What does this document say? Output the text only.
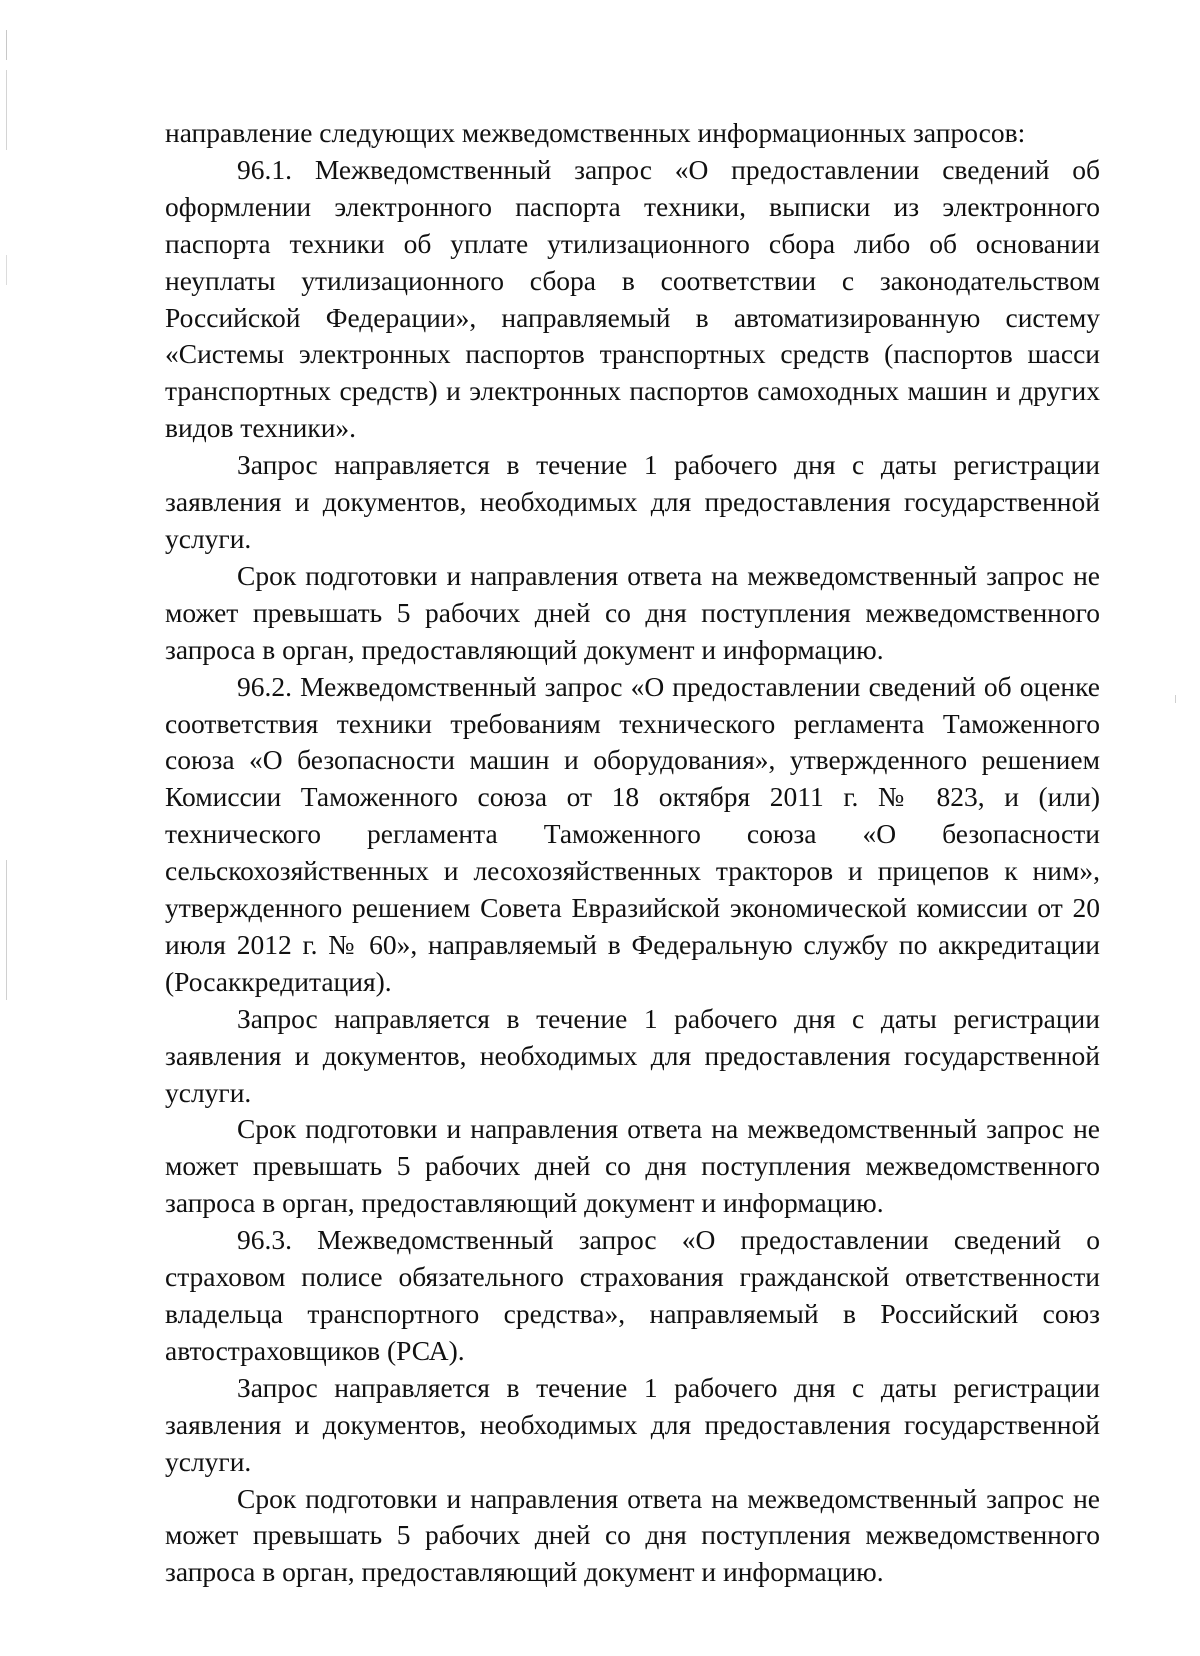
направление следующих межведомственных информационных запросов:

96.1. Межведомственный запрос «О предоставлении сведений об оформлении электронного паспорта техники, выписки из электронного паспорта техники об уплате утилизационного сбора либо об основании неуплаты утилизационного сбора в соответствии с законодательством Российской Федерации», направляемый в автоматизированную систему «Системы электронных паспортов транспортных средств (паспортов шасси транспортных средств) и электронных паспортов самоходных машин и других видов техники».

Запрос направляется в течение 1 рабочего дня с даты регистрации заявления и документов, необходимых для предоставления государственной услуги.

Срок подготовки и направления ответа на межведомственный запрос не может превышать 5 рабочих дней со дня поступления межведомственного запроса в орган, предоставляющий документ и информацию.

96.2. Межведомственный запрос «О предоставлении сведений об оценке соответствия техники требованиям технического регламента Таможенного союза «О безопасности машин и оборудования», утвержденного решением Комиссии Таможенного союза от 18 октября 2011 г. № 823, и (или) технического регламента Таможенного союза «О безопасности сельскохозяйственных и лесохозяйственных тракторов и прицепов к ним», утвержденного решением Совета Евразийской экономической комиссии от 20 июля 2012 г. № 60», направляемый в Федеральную службу по аккредитации (Росаккредитация).

Запрос направляется в течение 1 рабочего дня с даты регистрации заявления и документов, необходимых для предоставления государственной услуги.

Срок подготовки и направления ответа на межведомственный запрос не может превышать 5 рабочих дней со дня поступления межведомственного запроса в орган, предоставляющий документ и информацию.

96.3. Межведомственный запрос «О предоставлении сведений о страховом полисе обязательного страхования гражданской ответственности владельца транспортного средства», направляемый в Российский союз автостраховщиков (РСА).

Запрос направляется в течение 1 рабочего дня с даты регистрации заявления и документов, необходимых для предоставления государственной услуги.

Срок подготовки и направления ответа на межведомственный запрос не может превышать 5 рабочих дней со дня поступления межведомственного запроса в орган, предоставляющий документ и информацию.
